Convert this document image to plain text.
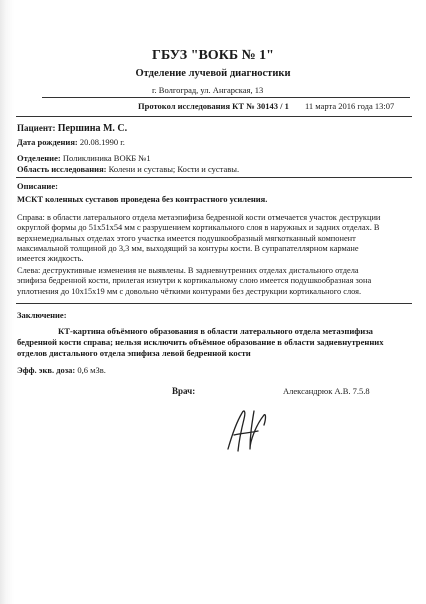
ГБУЗ "ВОКБ № 1"
Отделение лучевой диагностики
г. Волгоград, ул. Ангарская, 13
Протокол исследования КТ № 30143 / 1 11 марта 2016 года 13:07
Пациент: Першина М. С.
Дата рождения: 20.08.1990 г.
Отделение: Поликлиника ВОКБ №1
Область исследования: Колени и суставы; Кости и суставы.
Описание:
МСКТ коленных суставов проведена без контрастного усиления.
Справа: в области латерального отдела метаэпифиза бедренной кости отмечается участок деструкции
округлой формы до 51х51х54 мм с разрушением кортикального слоя в наружных и задних отделах. В
верхнемедиальных отделах этого участка имеется подушкообразный мягкотканный компонент
максимальной толщиной до 3,3 мм, выходящий за контуры кости. В супрапателлярном кармане
имеется жидкость.
Слева: деструктивные изменения не выявлены. В задневнутренних отделах дистального отдела
эпифиза бедренной кости, прилегая изнутри к кортикальному слою имеется подушкообразная зона
уплотнения до 10х15х19 мм с довольно чёткими контурами без деструкции кортикального слоя.
Заключение:
КТ-картина объёмного образования в области латерального отдела метаэпифиза
бедренной кости справа; нельзя исключить объёмное образование в области задневнутренних
отделов дистального отдела эпифиза левой бедренной кости
Эфф. экв. доза: 0,6 мЗв.
Врач:	Александрюк А.В. 7.5.8
